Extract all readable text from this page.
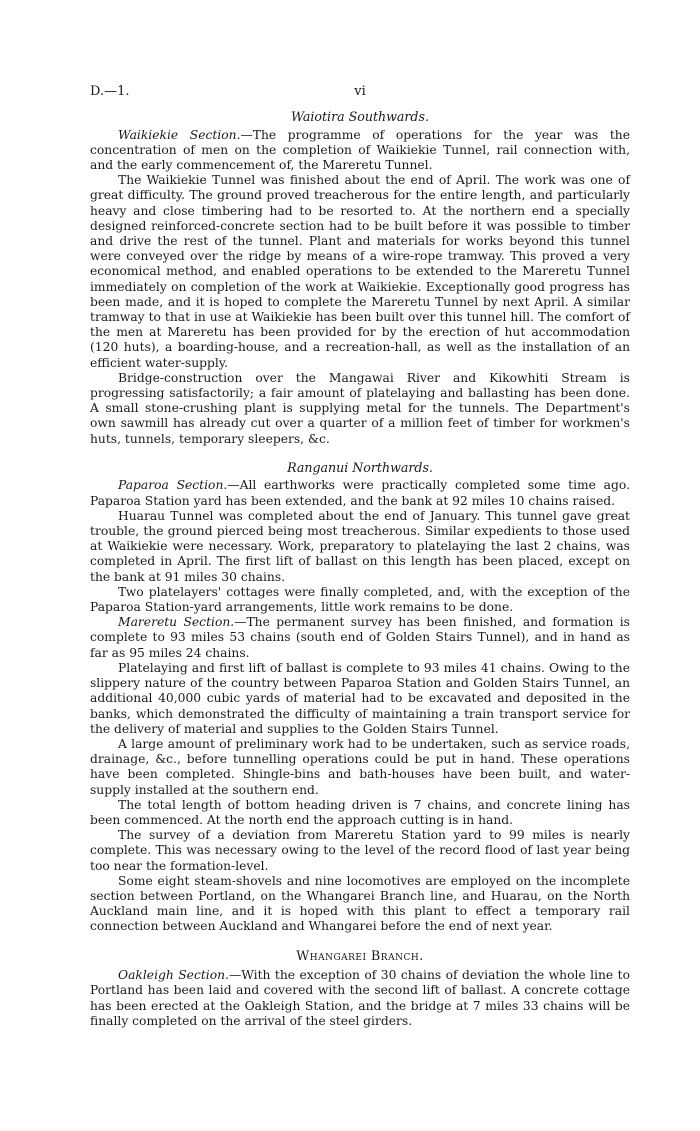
D.—1.	vi
Waiotira Southwards.

Waikiekie Section.—The programme of operations for the year was the concentration of men on the completion of Waikiekie Tunnel, rail connection with, and the early commencement of, the Marеretu Tunnel.

The Waikiekie Tunnel was finished about the end of April. The work was one of great difficulty. The ground proved treacherous for the entire length, and particularly heavy and close timbering had to be resorted to. At the northern end a specially designed reinforced-concrete section had to be built before it was possible to timber and drive the rest of the tunnel. Plant and materials for works beyond this tunnel were conveyed over the ridge by means of a wire-rope tramway. This proved a very economical method, and enabled operations to be extended to the Mareretu Tunnel immediately on completion of the work at Waikiekie. Exceptionally good progress has been made, and it is hoped to complete the Mareretu Tunnel by next April. A similar tramway to that in use at Waikiekie has been built over this tunnel hill. The comfort of the men at Mareretu has been provided for by the erection of hut accommodation (120 huts), a boarding-house, and a recreation-hall, as well as the installation of an efficient water-supply.

Bridge-construction over the Mangawai River and Kikowhiti Stream is progressing satisfactorily; a fair amount of platelaying and ballasting has been done. A small stone-crushing plant is supplying metal for the tunnels. The Department's own sawmill has already cut over a quarter of a million feet of timber for workmen's huts, tunnels, temporary sleepers, &c.

Ranganui Northwards.

Paparoa Section.—All earthworks were practically completed some time ago. Paparoa Station yard has been extended, and the bank at 92 miles 10 chains raised.

Huarau Tunnel was completed about the end of January. This tunnel gave great trouble, the ground pierced being most treacherous. Similar expedients to those used at Waikiekie were necessary. Work, preparatory to platelaying the last 2 chains, was completed in April. The first lift of ballast on this length has been placed, except on the bank at 91 miles 30 chains.

Two platelayers' cottages were finally completed, and, with the exception of the Paparoa Station-yard arrangements, little work remains to be done.

Mareretu Section.—The permanent survey has been finished, and formation is complete to 93 miles 53 chains (south end of Golden Stairs Tunnel), and in hand as far as 95 miles 24 chains.

Platelaying and first lift of ballast is complete to 93 miles 41 chains. Owing to the slippery nature of the country between Paparoa Station and Golden Stairs Tunnel, an additional 40,000 cubic yards of material had to be excavated and deposited in the banks, which demonstrated the difficulty of maintaining a train transport service for the delivery of material and supplies to the Golden Stairs Tunnel.

A large amount of preliminary work had to be undertaken, such as service roads, drainage, &c., before tunnelling operations could be put in hand. These operations have been completed. Shingle-bins and bath-houses have been built, and water-supply installed at the southern end.

The total length of bottom heading driven is 7 chains, and concrete lining has been commenced. At the north end the approach cutting is in hand.

The survey of a deviation from Mareretu Station yard to 99 miles is nearly complete. This was necessary owing to the level of the record flood of last year being too near the formation-level.

Some eight steam-shovels and nine locomotives are employed on the incomplete section between Portland, on the Whangarei Branch line, and Huarau, on the North Auckland main line, and it is hoped with this plant to effect a temporary rail connection between Auckland and Whangarei before the end of next year.

Whangarei Branch.

Oakleigh Section.—With the exception of 30 chains of deviation the whole line to Portland has been laid and covered with the second lift of ballast. A concrete cottage has been erected at the Oakleigh Station, and the bridge at 7 miles 33 chains will be finally completed on the arrival of the steel girders.
